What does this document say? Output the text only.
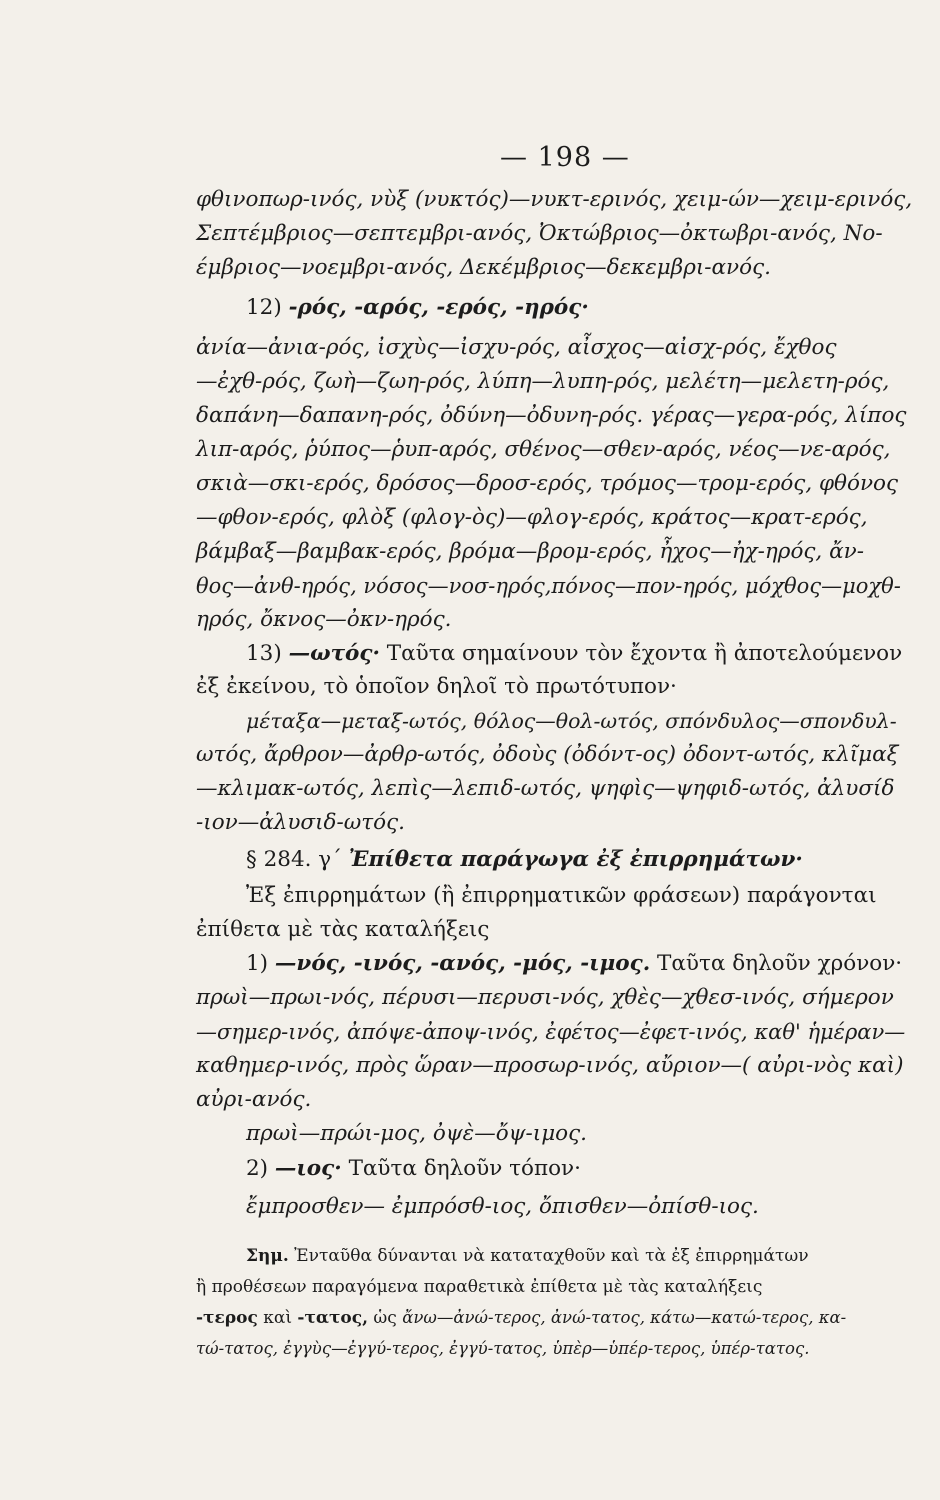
— 198 —
φθινοπωρ-ινός, νὺξ (νυκτός)—νυκτ-ερινός, χειμ-ών—χειμ-ερινός,
Σεπτέμβριος—σεπτεμβρι-ανός, Ὀκτώβριος—ὀκτωβρι-ανός, Νο-
έμβριος—νοεμβρι-ανός, Δεκέμβριος—δεκεμβρι-ανός.
12) -ρός, -αρός, -ερός, -ηρός·
ἀνία—ἀνια-ρός, ἰσχὺς—ἰσχυ-ρός, αἶσχος—αἰσχ-ρός, ἔχθος
—ἐχθ-ρός, ζωὴ—ζωη-ρός, λύπη—λυπη-ρός, μελέτη—μελετη-ρός,
δαπάνη—δαπανη-ρός, ὀδύνη—ὀδυνη-ρός. γέρας—γερα-ρός, λίπος
λιπ-αρός, ῥύπος—ῥυπ-αρός, σθένος—σθεν-αρός, νέος—νε-αρός,
σκιὰ—σκι-ερός, δρόσος—δροσ-ερός, τρόμος—τρομ-ερός, φθόνος
—φθον-ερός, φλὸξ (φλογ-ὸς)—φλογ-ερός, κράτος—κρατ-ερός,
βάμβαξ—βαμβακ-ερός, βρόμα—βρομ-ερός, ἦχος—ἠχ-ηρός, ἄν-
θος—ἀνθ-ηρός, νόσος—νοσ-ηρός,πόνος—πον-ηρός, μόχθος—μοχθ-
ηρός, ὄκνος—ὀκν-ηρός.
13) —ωτός· Ταῦτα σημαίνουν τὸν ἔχοντα ἢ ἀποτελούμενον
ἐξ ἐκείνου, τὸ ὁποῖον δηλοῖ τὸ πρωτότυπον·
μέταξα—μεταξ-ωτός, θόλος—θολ-ωτός, σπόνδυλος—σπονδυλ-
ωτός, ἄρθρον—ἀρθρ-ωτός, ὀδοὺς (ὀδόντ-ος) ὀδοντ-ωτός, κλῖμαξ
—κλιμακ-ωτός, λεπὶς—λεπιδ-ωτός, ψηφὶς—ψηφιδ-ωτός, ἀλυσίδ
-ιον—ἀλυσιδ-ωτός.
§ 284. γ´ Ἐπίθετα παράγωγα ἐξ ἐπιρρημάτων·
Ἐξ ἐπιρρημάτων (ἢ ἐπιρρηματικῶν φράσεων) παράγονται
ἐπίθετα μὲ τὰς καταλήξεις
1) —νός, -ινός, -ανός, -μός, -ιμος. Ταῦτα δηλοῦν χρόνον·
πρωὶ—πρωι-νός, πέρυσι—περυσι-νός, χθὲς—χθεσ-ινός, σήμερον
—σημερ-ινός, ἀπόψε-ἀποψ-ινός, ἐφέτος—ἐφετ-ινός, καθ' ἡμέραν—
καθημερ-ινός, πρὸς ὥραν—προσωρ-ινός, αὔριον—( αὐρι-νὸς καὶ)
αὐρι-ανός.
πρωὶ—πρώι-μος, ὀψὲ—ὄψ-ιμος.
2) —ιος· Ταῦτα δηλοῦν τόπον·
ἔμπροσθεν— ἐμπρόσθ-ιος, ὄπισθεν—ὀπίσθ-ιος.
Σημ. Ἐνταῦθα δύνανται νὰ καταταχθοῦν καὶ τὰ ἐξ ἐπιρρημάτων
ἢ προθέσεων παραγόμενα παραθετικὰ ἐπίθετα μὲ τὰς καταλήξεις
-τερος καὶ -τατος, ὡς ἄνω—ἀνώ-τερος, ἀνώ-τατος, κάτω—κατώ-τερος, κα-
τώ-τατος, ἐγγὺς—ἐγγύ-τερος, ἐγγύ-τατος, ὑπὲρ—ὑπέρ-τερος, ὑπέρ-τατος.
